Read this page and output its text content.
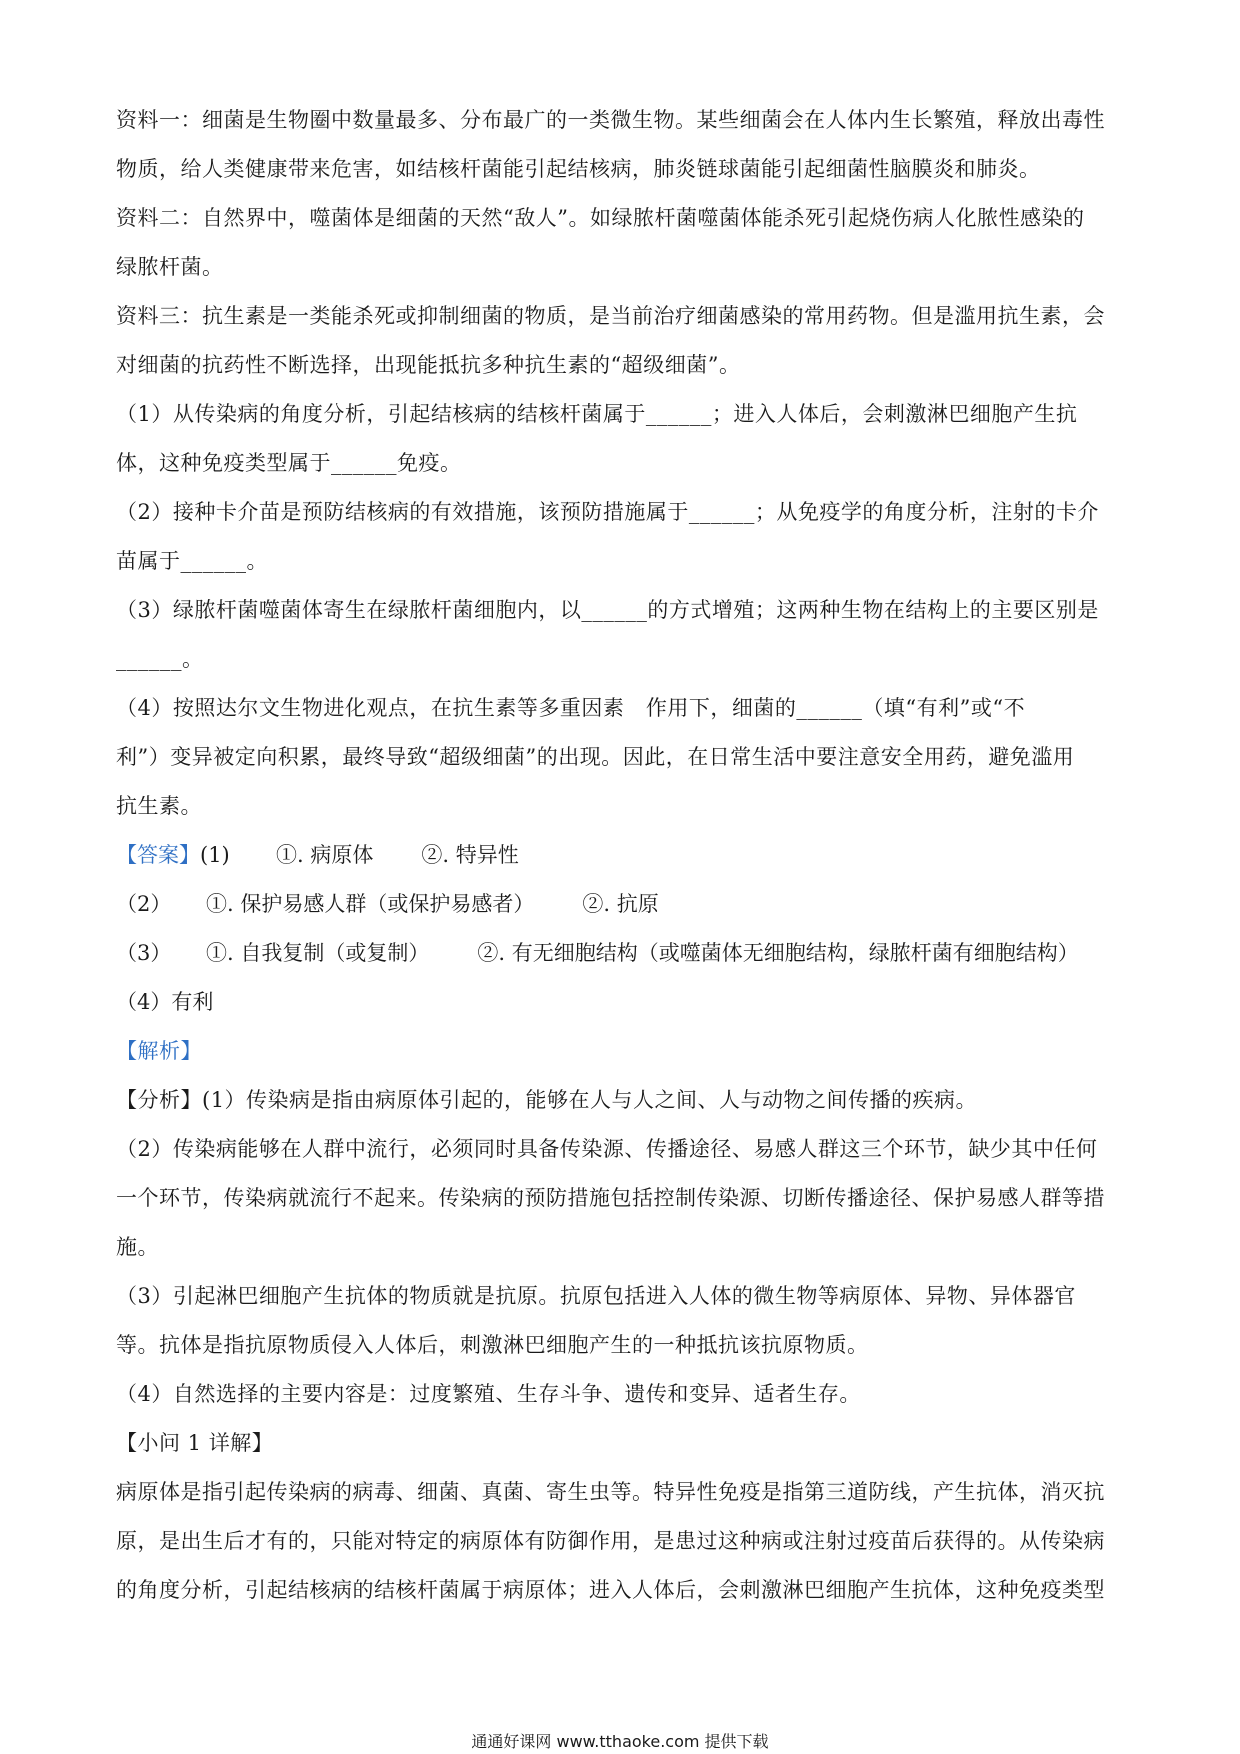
资料一：细菌是生物圈中数量最多、分布最广的一类微生物。某些细菌会在人体内生长繁殖，释放出毒性
物质，给人类健康带来危害，如结核杆菌能引起结核病，肺炎链球菌能引起细菌性脑膜炎和肺炎。
资料二：自然界中，噬菌体是细菌的天然“敌人”。如绿脓杆菌噬菌体能杀死引起烧伤病人化脓性感染的
绿脓杆菌。
资料三：抗生素是一类能杀死或抑制细菌的物质，是当前治疗细菌感染的常用药物。但是滥用抗生素，会
对细菌的抗药性不断选择，出现能抵抗多种抗生素的“超级细菌”。
（1）从传染病的角度分析，引起结核病的结核杆菌属于______；进入人体后，会刺激淋巴细胞产生抗
体，这种免疫类型属于______免疫。
（2）接种卡介苗是预防结核病的有效措施，该预防措施属于______；从免疫学的角度分析，注射的卡介
苗属于______。
（3）绿脓杆菌噬菌体寄生在绿脓杆菌细胞内，以______的方式增殖；这两种生物在结构上的主要区别是
______。
（4）按照达尔文生物进化观点，在抗生素等多重因素　作用下，细菌的______（填“有利”或“不
利”）变异被定向积累，最终导致“超级细菌”的出现。因此，在日常生活中要注意安全用药，避免滥用
抗生素。
【答案】 (1)	①. 病原体 ②. 特异性
（2）	①. 保护易感人群（或保护易感者） ②. 抗原
（3）	①. 自我复制（或复制） ②. 有无细胞结构（或噬菌体无细胞结构，绿脓杆菌有细胞结构）
（4）有利
【解析】
【分析】(1）传染病是指由病原体引起的，能够在人与人之间、人与动物之间传播的疾病。
（2）传染病能够在人群中流行，必须同时具备传染源、传播途径、易感人群这三个环节，缺少其中任何
一个环节，传染病就流行不起来。传染病的预防措施包括控制传染源、切断传播途径、保护易感人群等措
施。
（3）引起淋巴细胞产生抗体的物质就是抗原。抗原包括进入人体的微生物等病原体、异物、异体器官
等。抗体是指抗原物质侵入人体后，刺激淋巴细胞产生的一种抵抗该抗原物质。
（4）自然选择的主要内容是：过度繁殖、生存斗争、遗传和变异、适者生存。
【小问 1 详解】
病原体是指引起传染病的病毒、细菌、真菌、寄生虫等。特异性免疫是指第三道防线，产生抗体，消灭抗
原，是出生后才有的，只能对特定的病原体有防御作用，是患过这种病或注射过疫苗后获得的。从传染病
的角度分析，引起结核病的结核杆菌属于病原体；进入人体后，会刺激淋巴细胞产生抗体，这种免疫类型
通通好课网 www.tthaoke.com 提供下载
